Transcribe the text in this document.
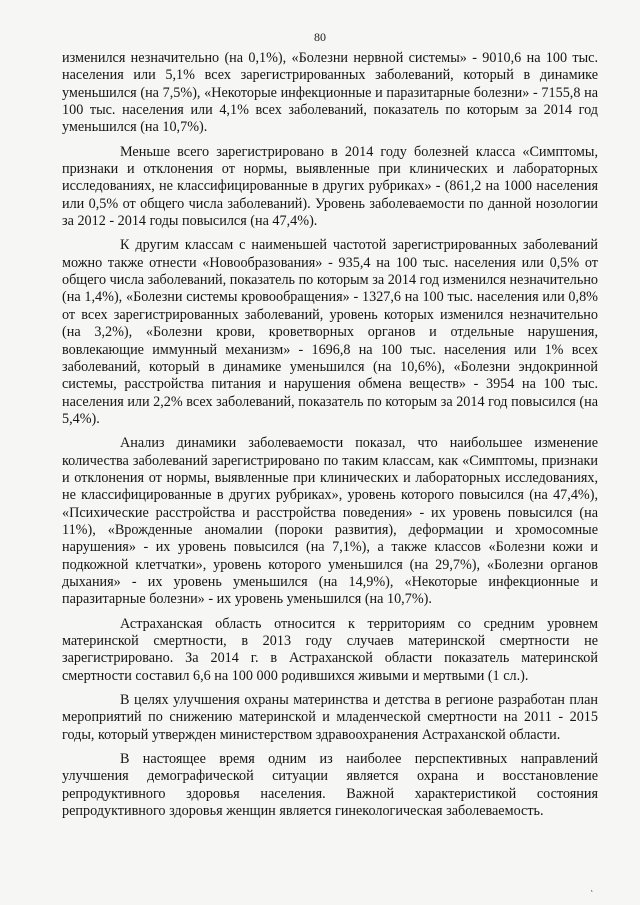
80

изменился незначительно (на 0,1%), «Болезни нервной системы» - 9010,6 на 100 тыс. населения или 5,1% всех зарегистрированных заболеваний, который в динамике уменьшился (на 7,5%), «Некоторые инфекционные и паразитарные болезни» - 7155,8 на 100 тыс. населения или 4,1% всех заболеваний, показатель по которым за 2014 год уменьшился (на 10,7%).

Меньше всего зарегистрировано в 2014 году болезней класса «Симптомы, признаки и отклонения от нормы, выявленные при клинических и лабораторных исследованиях, не классифицированные в других рубриках» - (861,2 на 1000 населения или 0,5% от общего числа заболеваний). Уровень заболеваемости по данной нозологии за 2012 - 2014 годы повысился (на 47,4%).

К другим классам с наименьшей частотой зарегистрированных заболеваний можно также отнести «Новообразования» - 935,4 на 100 тыс. населения или 0,5% от общего числа заболеваний, показатель по которым за 2014 год изменился незначительно (на 1,4%), «Болезни системы кровообращения» - 1327,6 на 100 тыс. населения или 0,8% от всех зарегистрированных заболеваний, уровень которых изменился незначительно (на 3,2%), «Болезни крови, кроветворных органов и отдельные нарушения, вовлекающие иммунный механизм» - 1696,8 на 100 тыс. населения или 1% всех заболеваний, который в динамике уменьшился (на 10,6%), «Болезни эндокринной системы, расстройства питания и нарушения обмена веществ» - 3954 на 100 тыс. населения или 2,2% всех заболеваний, показатель по которым за 2014 год повысился (на 5,4%).

Анализ динамики заболеваемости показал, что наибольшее изменение количества заболеваний зарегистрировано по таким классам, как «Симптомы, признаки и отклонения от нормы, выявленные при клинических и лабораторных исследованиях, не классифицированные в других рубриках», уровень которого повысился (на 47,4%), «Психические расстройства и расстройства поведения» - их уровень повысился (на 11%), «Врожденные аномалии (пороки развития), деформации и хромосомные нарушения» - их уровень повысился (на 7,1%), а также классов «Болезни кожи и подкожной клетчатки», уровень которого уменьшился (на 29,7%), «Болезни органов дыхания» - их уровень уменьшился (на 14,9%), «Некоторые инфекционные и паразитарные болезни» - их уровень уменьшился (на 10,7%).

Астраханская область относится к территориям со средним уровнем материнской смертности, в 2013 году случаев материнской смертности не зарегистрировано. За 2014 г. в Астраханской области показатель материнской смертности составил 6,6 на 100 000 родившихся живыми и мертвыми (1 сл.).

В целях улучшения охраны материнства и детства в регионе разработан план мероприятий по снижению материнской и младенческой смертности на 2011 - 2015 годы, который утвержден министерством здравоохранения Астраханской области.

В настоящее время одним из наиболее перспективных направлений улучшения демографической ситуации является охрана и восстановление репродуктивного здоровья населения. Важной характеристикой состояния репродуктивного здоровья женщин является гинекологическая заболеваемость.

˛
